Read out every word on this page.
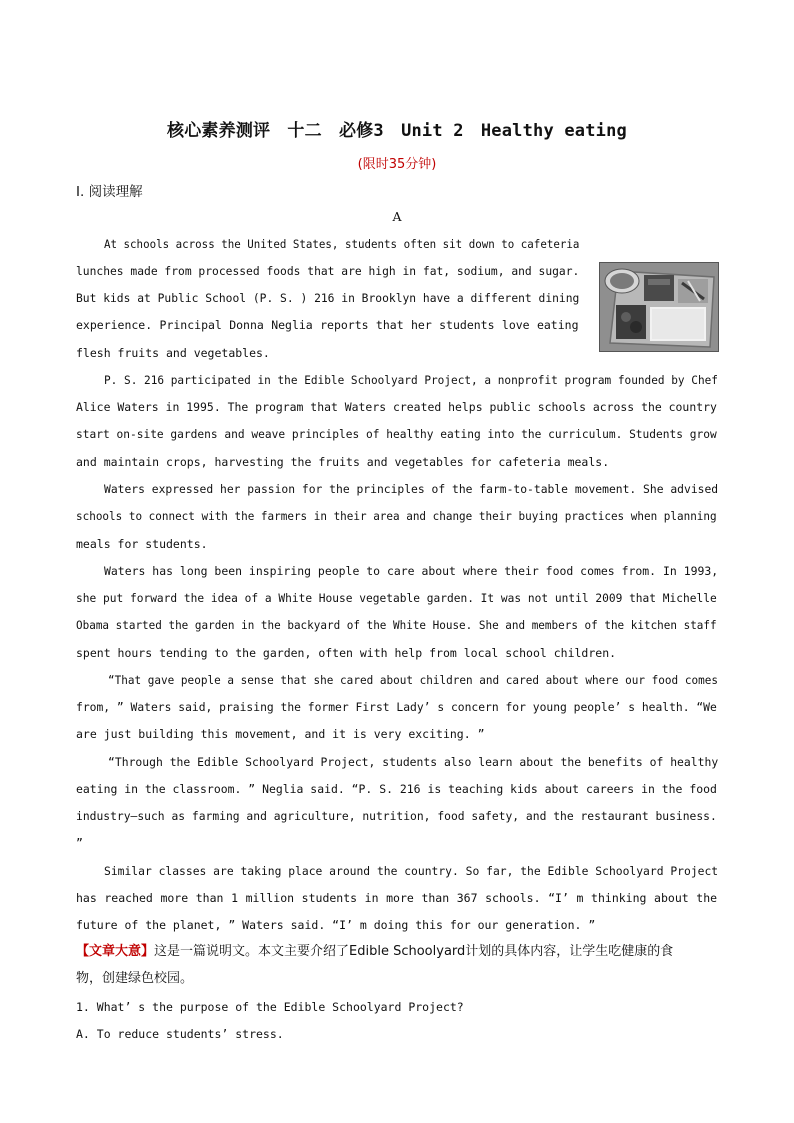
核心素养测评　十二　必修3　Unit 2　Healthy eating
(限时35分钟)
Ⅰ. 阅读理解
A
At schools across the United States, students often sit down to cafeteria
lunches made from processed foods that are high in fat, sodium, and sugar.
But kids at Public School (P. S. ) 216 in Brooklyn have a different dining
experience. Principal Donna Neglia reports that her students love eating
flesh fruits and vegetables.
P. S. 216 participated in the Edible Schoolyard Project, a nonprofit program founded by Chef
Alice Waters in 1995. The program that Waters created helps public schools across the country
start on-site gardens and weave principles of healthy eating into the curriculum. Students grow
and maintain crops, harvesting the fruits and vegetables for cafeteria meals.
Waters expressed her passion for the principles of the farm-to-table movement. She advised
schools to connect with the farmers in their area and change their buying practices when planning
meals for students.
Waters has long been inspiring people to care about where their food comes from. In 1993,
she put forward the idea of a White House vegetable garden. It was not until 2009 that Michelle
Obama started the garden in the backyard of the White House. She and members of the kitchen staff
spent hours tending to the garden, often with help from local school children.
“That gave people a sense that she cared about children and cared about where our food comes
from, ” Waters said, praising the former First Lady’ s concern for young people’ s health. “We
are just building this movement, and it is very exciting. ”
“Through the Edible Schoolyard Project, students also learn about the benefits of healthy
eating in the classroom. ” Neglia said. “P. S. 216 is teaching kids about careers in the food
industry—such as farming and agriculture, nutrition, food safety, and the restaurant business.
”
Similar classes are taking place around the country. So far, the Edible Schoolyard Project
has reached more than 1 million students in more than 367 schools. “I’ m thinking about the
future of the planet, ” Waters said. “I’ m doing this for our generation. ”
【文章大意】这是一篇说明文。本文主要介绍了Edible Schoolyard计划的具体内容，让学生吃健康的食
物，创建绿色校园。
1. What’ s the purpose of the Edible Schoolyard Project?
A. To reduce students’ stress.
